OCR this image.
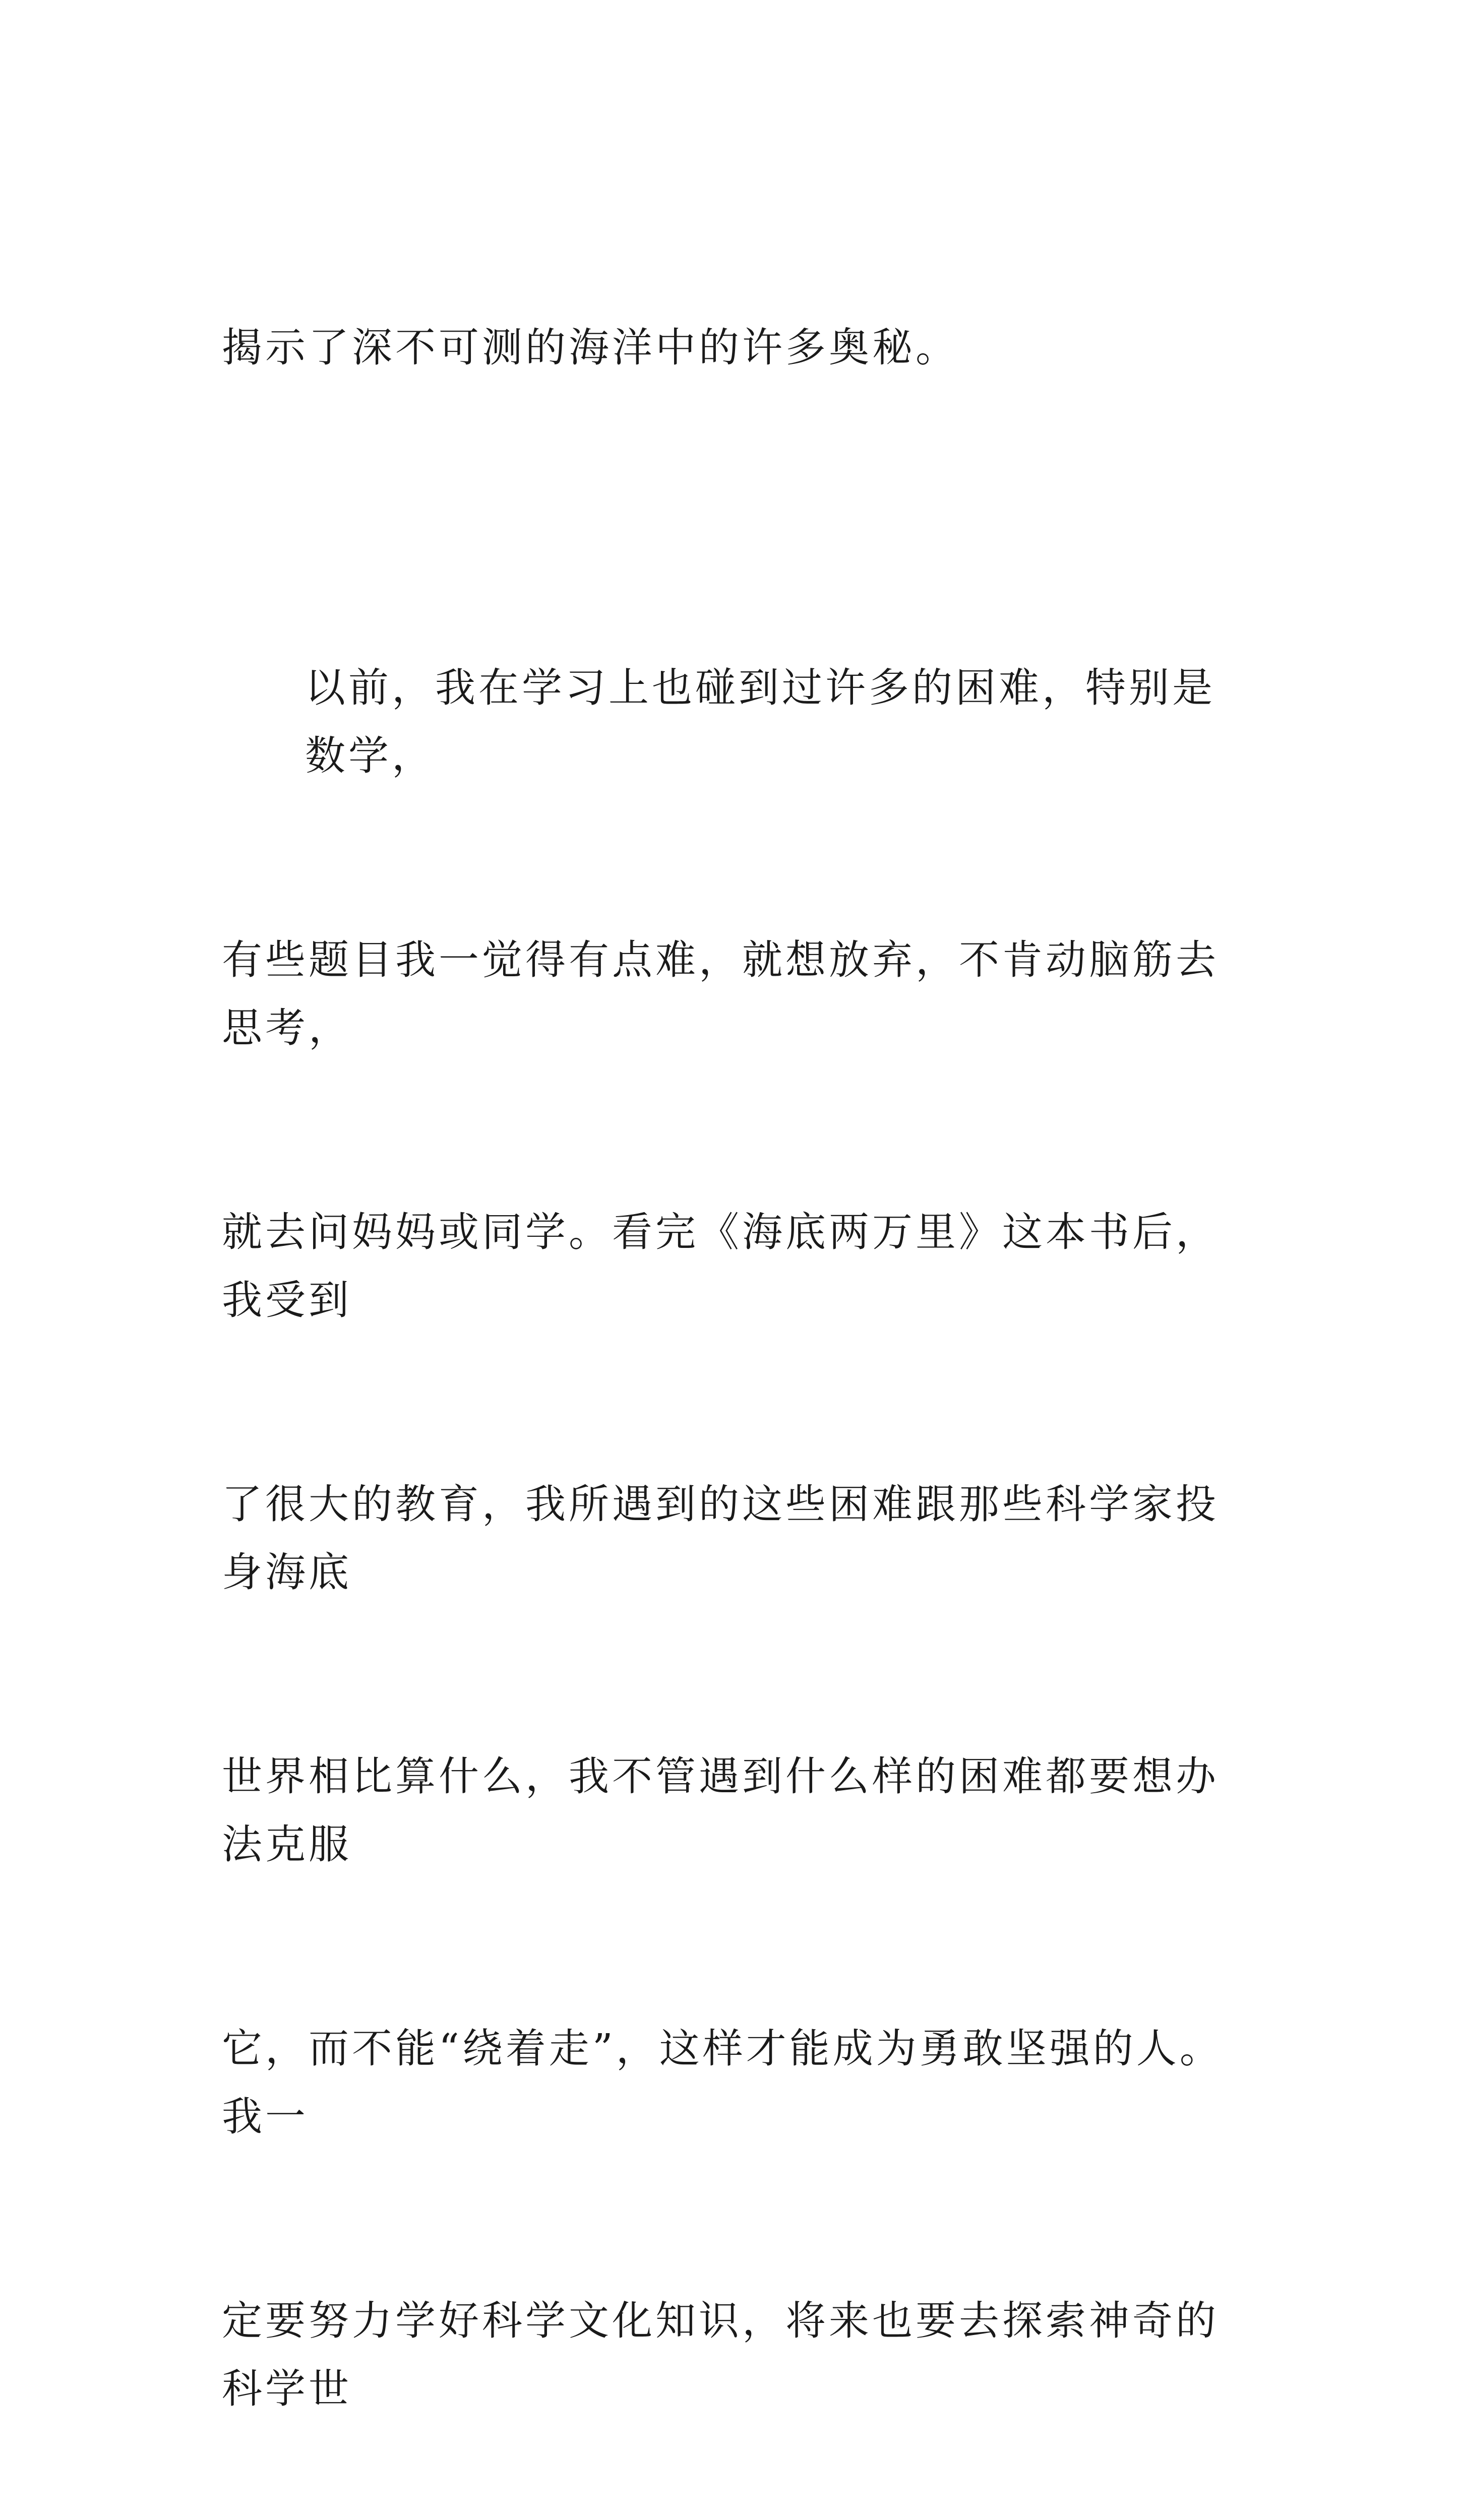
揭示了深不可测的海洋中的许多奥秘。

以前，我在学习上也碰到过许多的困难，特别是数学，

有些题目我一觉得有点难，就想放弃，不肯动脑筋去思考，

就去问妈妈或同学。看完《海底两万里》这本书后，我受到

了很大的教育，我所遇到的这些困难跟那些科学家投身海底

世界相比算什么，我不管遇到什么样的困难都要想办法克服

它，而不能“绕着走”，这样才能成为勇敢坚强的人。我一

定要努力学好科学文化知识，将来也要去探索神奇的科学世
